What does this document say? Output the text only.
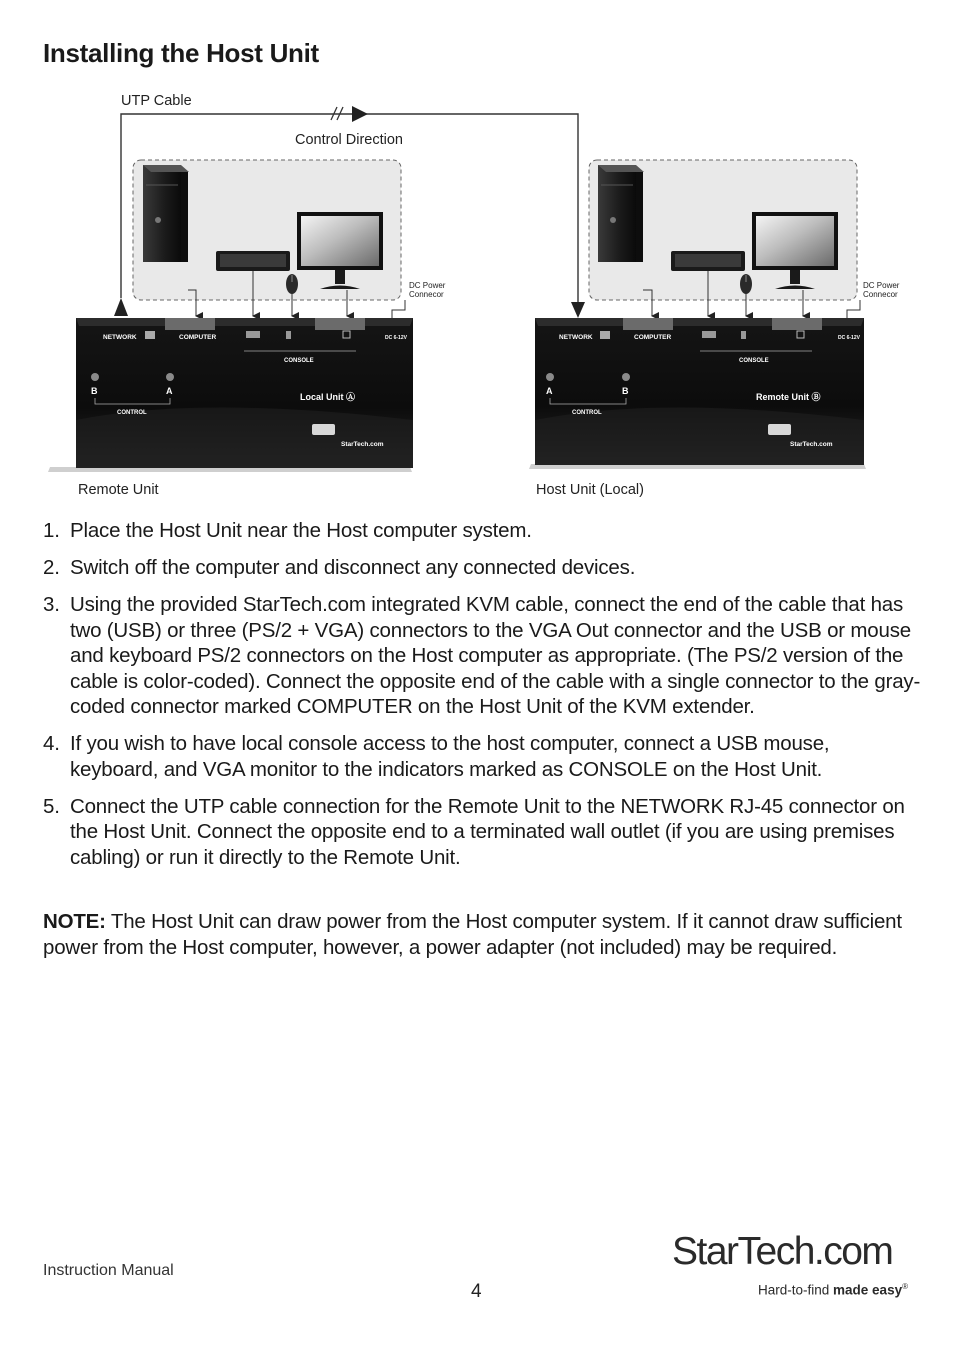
Installing the Host Unit
UTP Cable
Control Direction
DC Power
Connecor
NETWORK	COMPUTER	DC 6-12V
CONSOLE
B	A
CONTROL
Local Unit Ⓐ
StarTech.com
DC Power
Connecor
NETWORK	COMPUTER	DC 6-12V
CONSOLE
A	B
CONTROL
Remote Unit Ⓑ
StarTech.com
Remote Unit	Host Unit (Local)
1. Place the Host Unit near the Host computer system.
2. Switch off the computer and disconnect any connected devices.
3. Using the provided StarTech.com integrated KVM cable, connect the end of the cable that has two (USB) or three (PS/2 + VGA) connectors to the VGA Out connector and the USB or mouse and keyboard PS/2 connectors on the Host computer as appropriate. (The PS/2 version of the cable is color-coded). Connect the opposite end of the cable with a single connector to the gray-coded connector marked COMPUTER on the Host Unit of the KVM extender.
4. If you wish to have local console access to the host computer, connect a USB mouse, keyboard, and VGA monitor to the indicators marked as CONSOLE on the Host Unit.
5. Connect the UTP cable connection for the Remote Unit to the NETWORK RJ-45 connector on the Host Unit. Connect the opposite end to a terminated wall outlet (if you are using premises cabling) or run it directly to the Remote Unit.

NOTE: The Host Unit can draw power from the Host computer system. If it cannot draw sufficient power from the Host computer, however, a power adapter (not included) may be required.

Instruction Manual
4
StarTech.com
Hard-to-find made easy®
